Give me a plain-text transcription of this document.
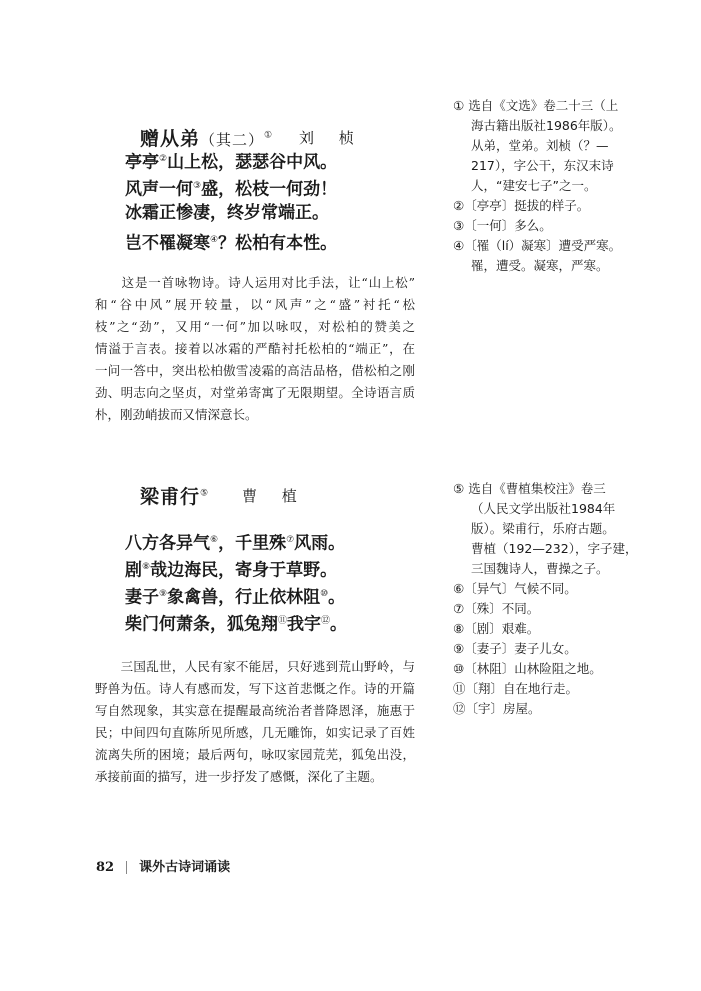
赠从弟（其二）① 刘 桢
亭亭②山上松，瑟瑟谷中风。
风声一何③盛，松枝一何劲！
冰霜正惨凄，终岁常端正。
岂不罹凝寒④？松柏有本性。
　　这是一首咏物诗。诗人运用对比手法，让“山上松”
和“谷中风”展开较量，以“风声”之“盛”衬托“松
枝”之“劲”，又用“一何”加以咏叹，对松柏的赞美之
情溢于言表。接着以冰霜的严酷衬托松柏的“端正”，在
一问一答中，突出松柏傲雪凌霜的高洁品格，借松柏之刚
劲、明志向之坚贞，对堂弟寄寓了无限期望。全诗语言质
朴，刚劲峭拔而又情深意长。
① 选自《文选》卷二十三（上
海古籍出版社1986年版）。
从弟，堂弟。刘桢（？—
217），字公干，东汉末诗
人，“建安七子”之一。
②〔亭亭〕挺拔的样子。
③〔一何〕多么。
④〔罹（lí）凝寒〕遭受严寒。
罹，遭受。凝寒，严寒。
梁甫行⑤ 曹 植
八方各异气⑥，千里殊⑦风雨。
剧⑧哉边海民，寄身于草野。
妻子⑨象禽兽，行止依林阻⑩。
柴门何萧条，狐兔翔⑪我宇⑫。
　　三国乱世，人民有家不能居，只好逃到荒山野岭，与
野兽为伍。诗人有感而发，写下这首悲慨之作。诗的开篇
写自然现象，其实意在提醒最高统治者普降恩泽，施惠于
民；中间四句直陈所见所感，几无雕饰，如实记录了百姓
流离失所的困境；最后两句，咏叹家园荒芜，狐兔出没，
承接前面的描写，进一步抒发了感慨，深化了主题。
⑤ 选自《曹植集校注》卷三
（人民文学出版社1984年
版）。梁甫行，乐府古题。
曹植（192—232），字子建，
三国魏诗人，曹操之子。
⑥〔异气〕气候不同。
⑦〔殊〕不同。
⑧〔剧〕艰难。
⑨〔妻子〕妻子儿女。
⑩〔林阻〕山林险阻之地。
⑪〔翔〕自在地行走。
⑫〔宇〕房屋。
82 课外古诗词诵读
